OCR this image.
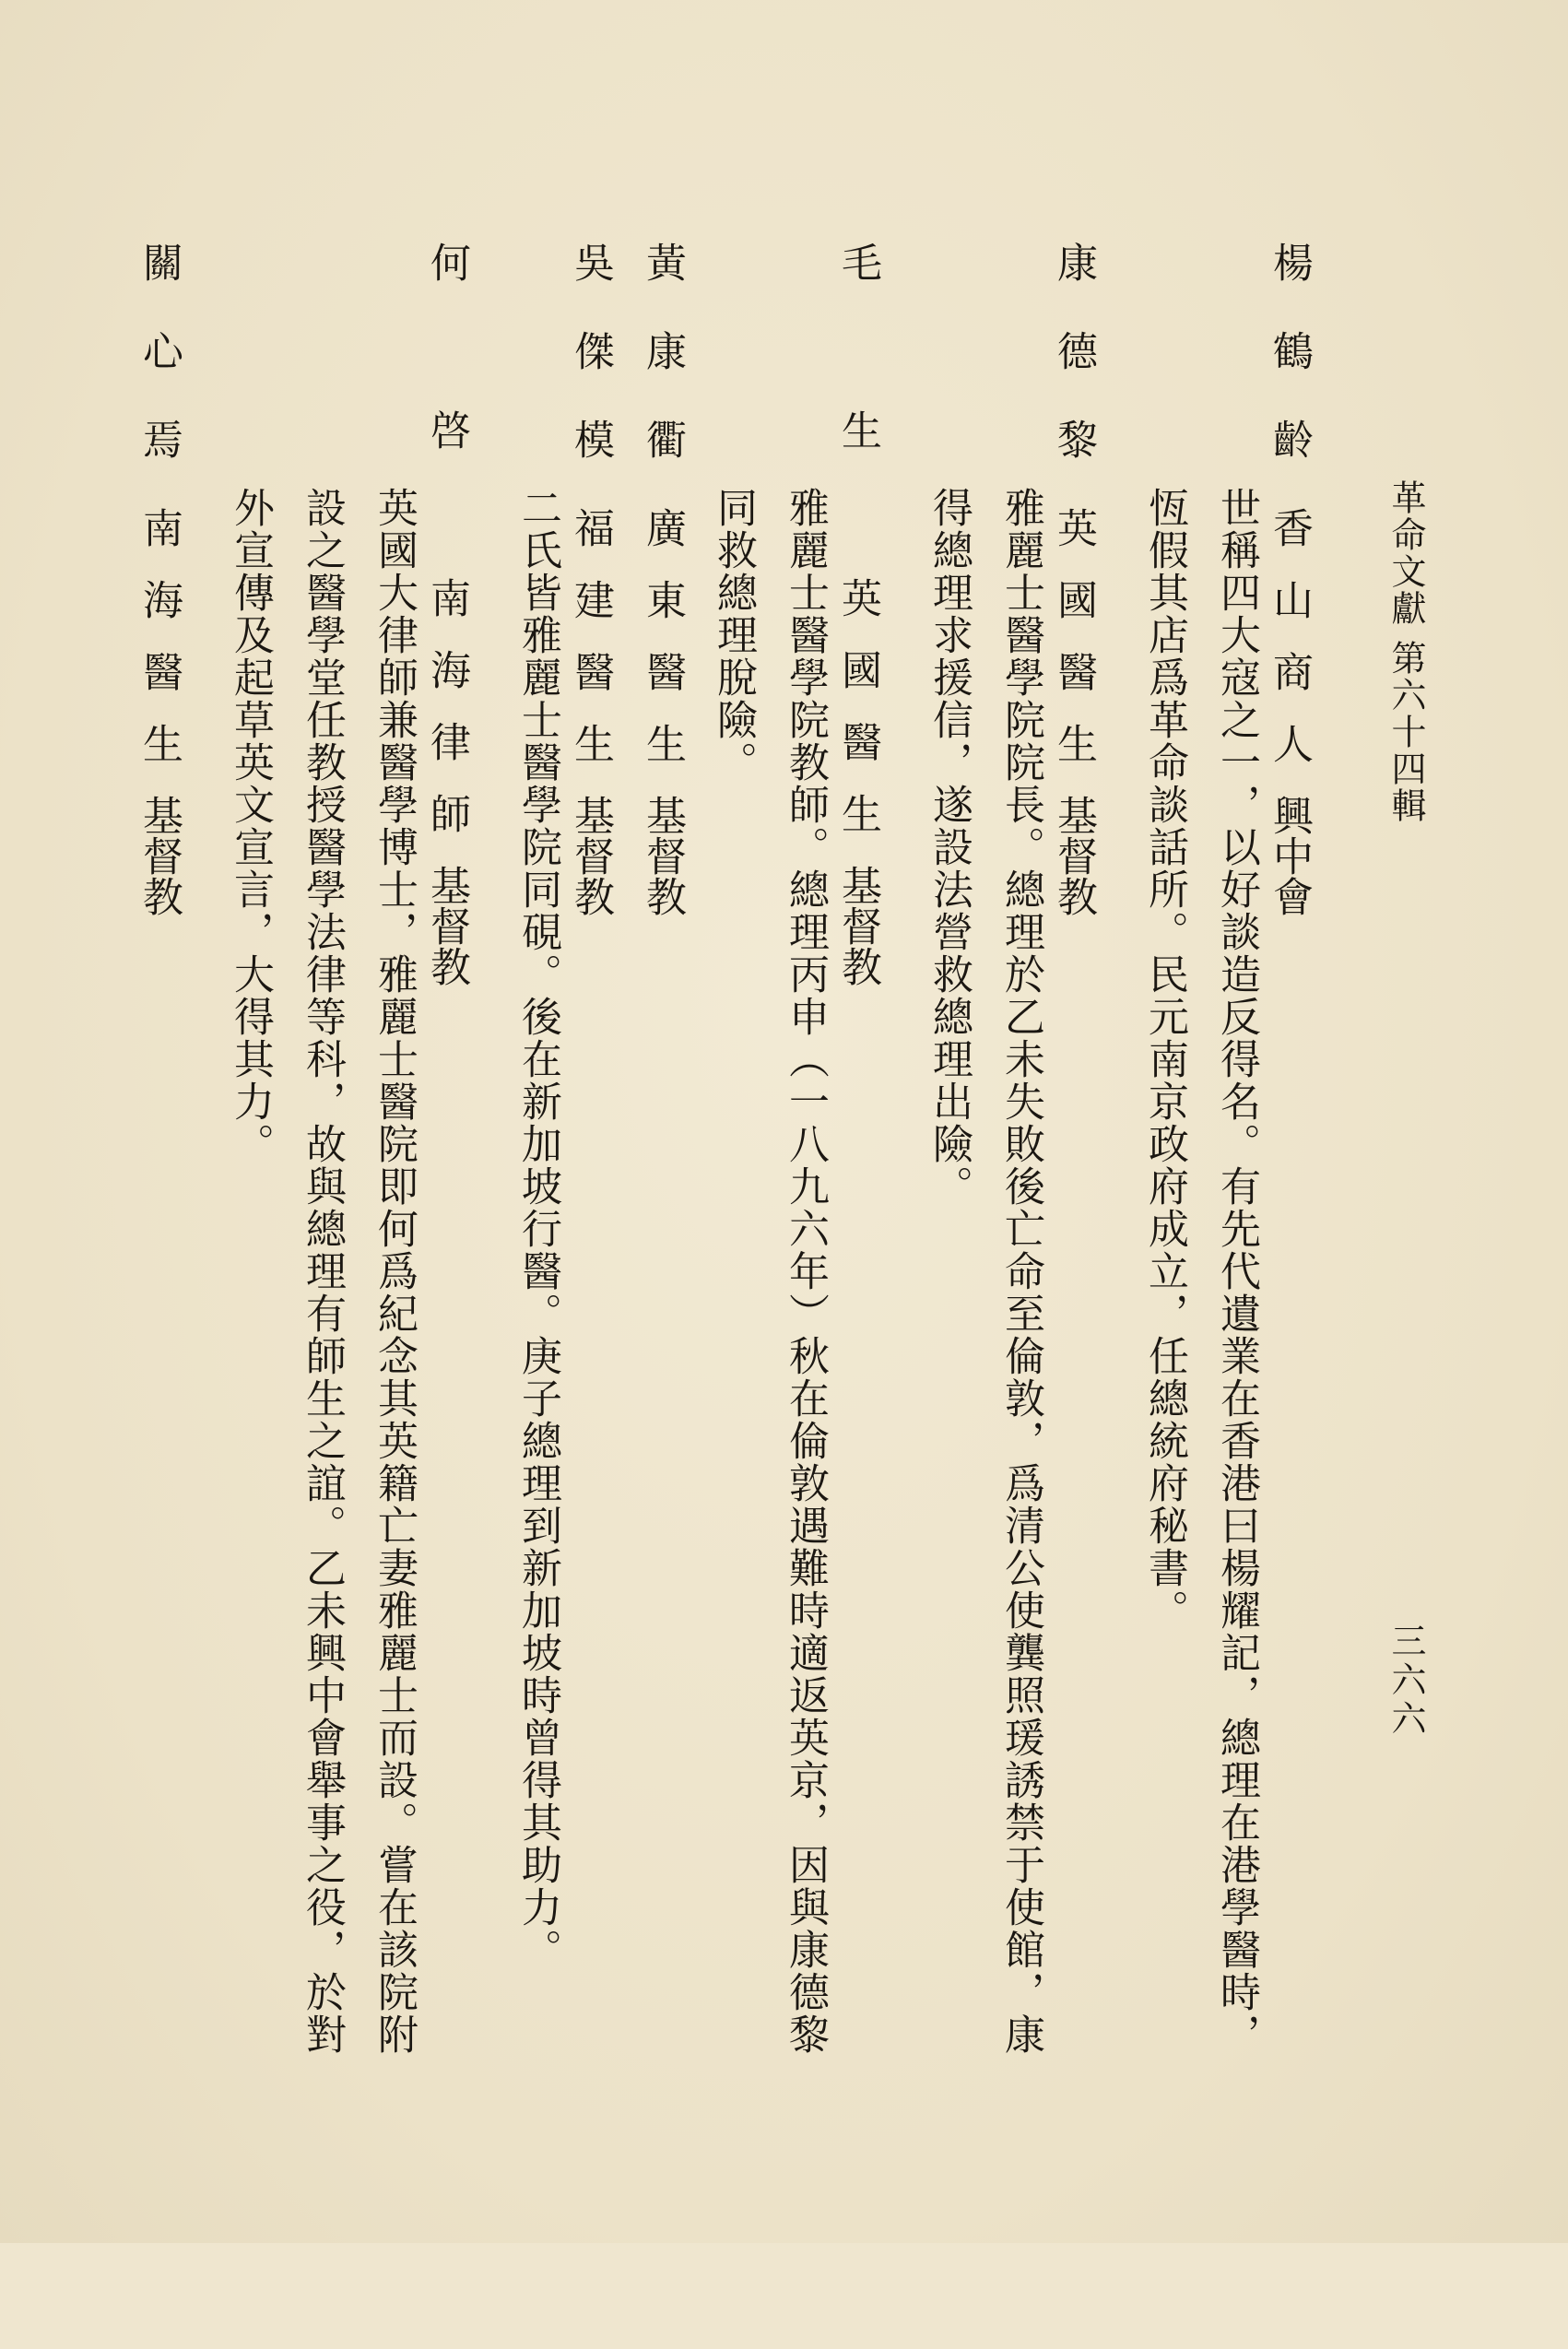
革命文獻 第六十四輯
三六六
楊鶴齡香山商人興中會
世稱四大寇之一，以好談造反得名。有先代遺業在香港曰楊耀記，總理在港學醫時，
恆假其店爲革命談話所。民元南京政府成立，任總統府秘書。
康德黎英國醫生基督教
雅麗士醫學院院長。總理於乙未失敗後亡命至倫敦，爲清公使龔照瑗誘禁于使館，康
得總理求援信，遂設法營救總理出險。
毛生英國醫生基督教
雅麗士醫學院教師。總理丙申（一八九六年）秋在倫敦遇難時適返英京，因與康德黎
同救總理脫險。
黃康衢廣東醫生基督教
吳傑模福建醫生基督教
二氏皆雅麗士醫學院同硯。後在新加坡行醫。庚子總理到新加坡時曾得其助力。
何啓南海律師基督教
英國大律師兼醫學博士，雅麗士醫院即何爲紀念其英籍亡妻雅麗士而設。嘗在該院附
設之醫學堂任教授醫學法律等科，故與總理有師生之誼。乙未興中會舉事之役，於對
外宣傳及起草英文宣言，大得其力。
關心焉南海醫生基督教
